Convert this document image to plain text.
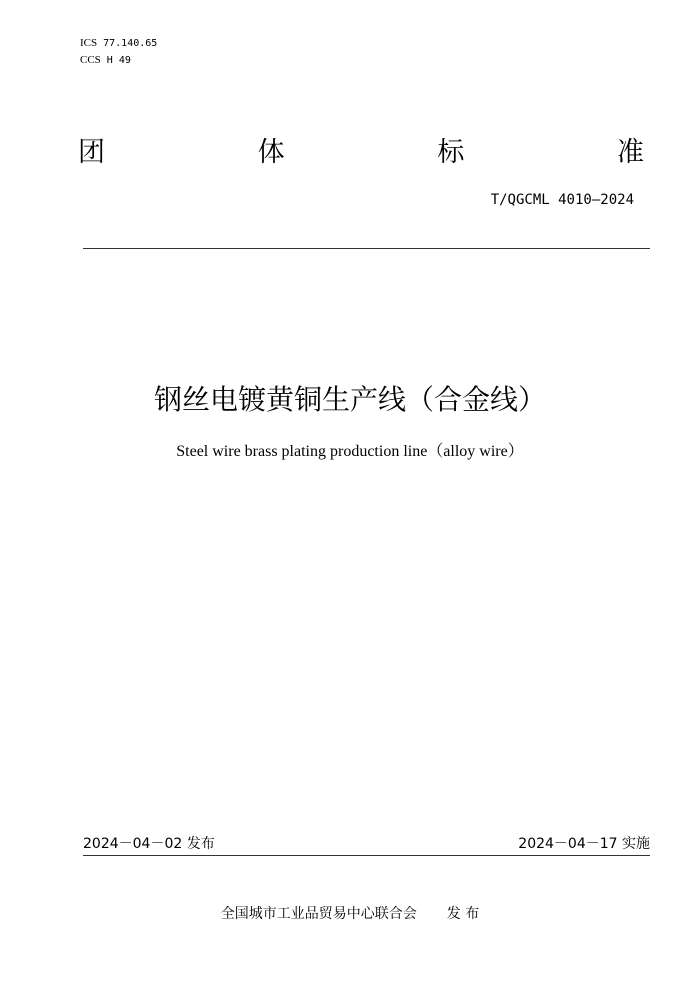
ICS 77.140.65
CCS H 49
团	体	标	准
T/QGCML 4010—2024
钢丝电镀黄铜生产线（合金线）
Steel wire brass plating production line（alloy wire）
2024－04－02 发布	2024－04－17 实施
全国城市工业品贸易中心联合会 发 布
